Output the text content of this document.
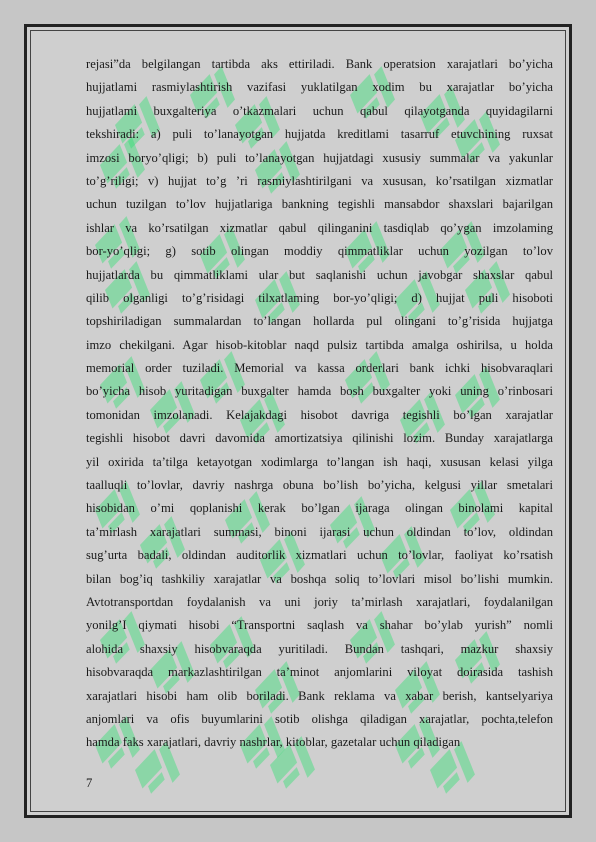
rejasi”da belgilangan tartibda aks ettiriladi. Bank operatsion xarajatlari bo’yicha
hujjatlami rasmiylashtirish vazifasi yuklatilgan xodim bu xarajatlar bo’yicha
hujjatlami buxgalteriya o’tkazmalari uchun qabul qilayotganda quyidagilarni
tekshiradi: a) puli to’lanayotgan hujjatda kreditlami tasarruf etuvchining ruxsat
imzosi boryo’qligi; b) puli to’lanayotgan hujjatdagi xususiy summalar va yakunlar
to’g’riligi; v) hujjat to’g ’ri rasmiylashtirilgani va xususan, ko’rsatilgan xizmatlar
uchun tuzilgan to’lov hujjatlariga bankning tegishli mansabdor shaxslari bajarilgan
ishlar va ko’rsatilgan xizmatlar qabul qilinganini tasdiqlab qo’ygan imzolaming
bor-yo’qligi; g) sotib olingan moddiy qimmatliklar uchun yozilgan to’lov
hujjatlarda bu qimmatliklami ular but saqlanishi uchun javobgar shaxslar qabul
qilib olganligi to’g’risidagi tilxatlaming bor-yo’qligi; d) hujjat puli hisoboti
topshiriladigan summalardan to’langan hollarda pul olingani to’g’risida hujjatga
imzo chekilgani. Agar hisob-kitoblar naqd pulsiz tartibda amalga oshirilsa, u holda
memorial order tuziladi. Memorial va kassa orderlari bank ichki hisobvaraqlari
bo’yicha hisob yuritadigan buxgalter hamda bosh buxgalter yoki uning o’rinbosari
tomonidan imzolanadi. Kelajakdagi hisobot davriga tegishli bo’lgan xarajatlar
tegishli hisobot davri davomida amortizatsiya qilinishi lozim. Bunday xarajatlarga
yil oxirida ta’tilga ketayotgan xodimlarga to’langan ish haqi, xususan kelasi yilga
taalluqli to’lovlar, davriy nashrga obuna bo’lish bo’yicha, kelgusi yillar smetalari
hisobidan o’mi qoplanishi kerak bo’lgan ijaraga olingan binolami kapital
ta’mirlash xarajatlari summasi, binoni ijarasi uchun oldindan to’lov, oldindan
sug’urta badali, oldindan auditorlik xizmatlari uchun to’lovlar, faoliyat ko’rsatish
bilan bog’iq tashkiliy xarajatlar va boshqa soliq to’lovlari misol bo’lishi mumkin.
Avtotransportdan foydalanish va uni joriy ta’mirlash xarajatlari, foydalanilgan
yonilg’I qiymati hisobi “Transportni saqlash va shahar bo’ylab yurish” nomli
alohida shaxsiy hisobvaraqda yuritiladi. Bundan tashqari, mazkur shaxsiy
hisobvaraqda markazlashtirilgan ta’minot anjomlarini viloyat doirasida tashish
xarajatlari hisobi ham olib boriladi. Bank reklama va xabar berish, kantselyariya
anjomlari va ofis buyumlarini sotib olishga qiladigan xarajatlar, pochta,telefon
hamda faks xarajatlari, davriy nashrlar, kitoblar, gazetalar uchun qiladigan
7
